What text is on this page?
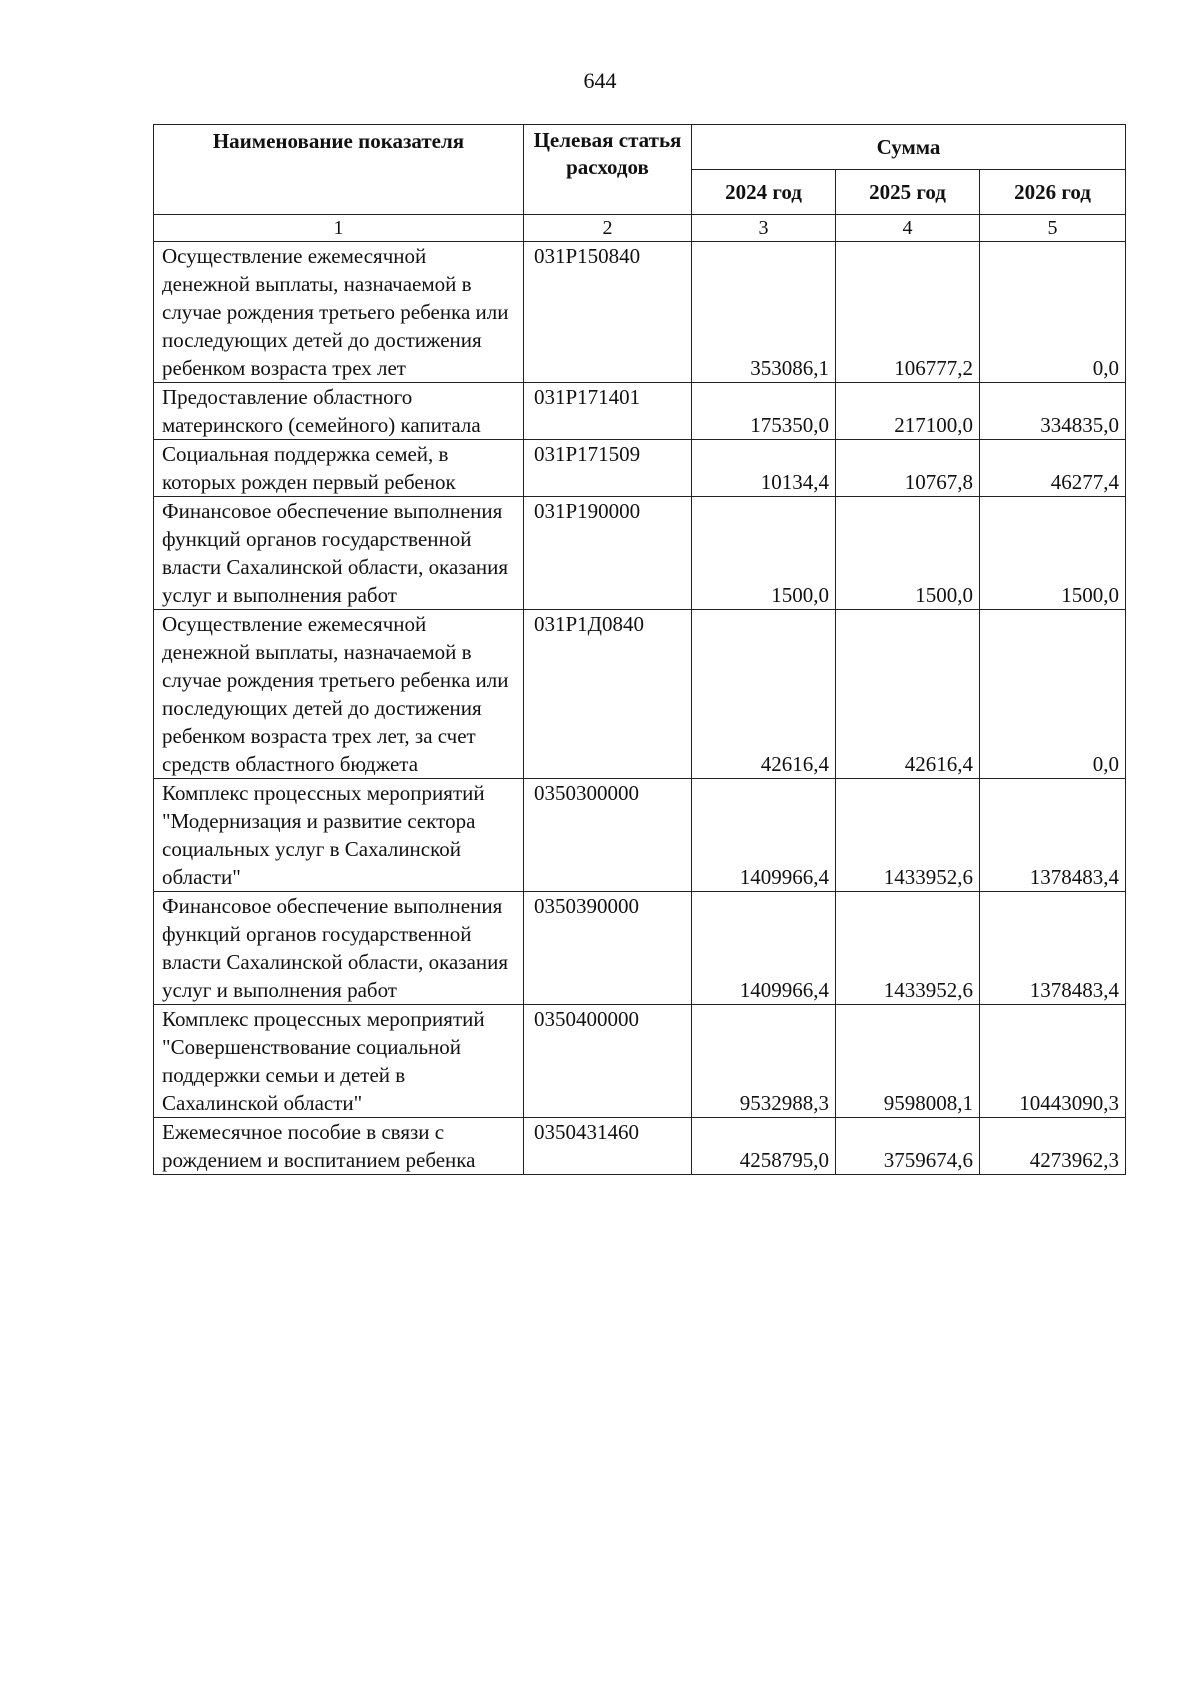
644
Наименование показателя	Целевая статья расходов	Сумма		
		2024 год	2025 год	2026 год
1	2	3	4	5
Осуществление ежемесячной денежной выплаты, назначаемой в случае рождения третьего ребенка или последующих детей до достижения ребенком возраста трех лет	031P150840	353086,1	106777,2	0,0
Предоставление областного материнского (семейного) капитала	031P171401	175350,0	217100,0	334835,0
Социальная поддержка семей, в которых рожден первый ребенок	031P171509	10134,4	10767,8	46277,4
Финансовое обеспечение выполнения функций органов государственной власти Сахалинской области, оказания услуг и выполнения работ	031P190000	1500,0	1500,0	1500,0
Осуществление ежемесячной денежной выплаты, назначаемой в случае рождения третьего ребенка или последующих детей до достижения ребенком возраста трех лет, за счет средств областного бюджета	031P1Д0840	42616,4	42616,4	0,0
Комплекс процессных мероприятий "Модернизация и развитие сектора социальных услуг в Сахалинской области"	0350300000	1409966,4	1433952,6	1378483,4
Финансовое обеспечение выполнения функций органов государственной власти Сахалинской области, оказания услуг и выполнения работ	0350390000	1409966,4	1433952,6	1378483,4
Комплекс процессных мероприятий "Совершенствование социальной поддержки семьи и детей в Сахалинской области"	0350400000	9532988,3	9598008,1	10443090,3
Ежемесячное пособие в связи с рождением и воспитанием ребенка	0350431460	4258795,0	3759674,6	4273962,3
